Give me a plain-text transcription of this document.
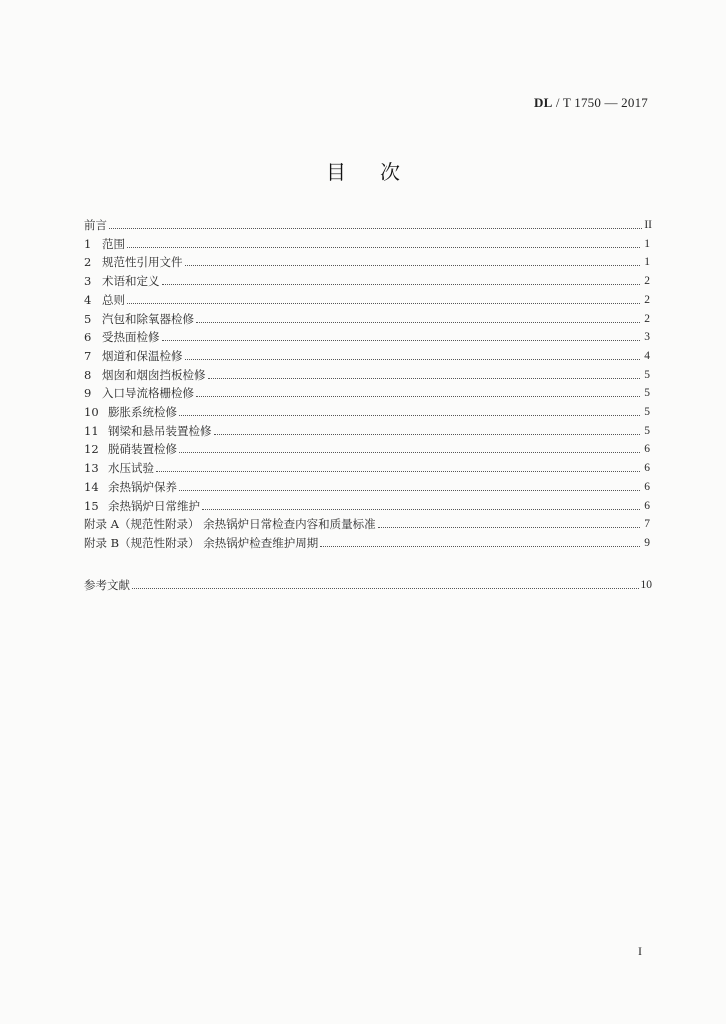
DL / T 1750 — 2017
目次
前言	II
1 范围	1
2 规范性引用文件	1
3 术语和定义	2
4 总则	2
5 汽包和除氧器检修	2
6 受热面检修	3
7 烟道和保温检修	4
8 烟囱和烟囱挡板检修	5
9 入口导流格栅检修	5
10 膨胀系统检修	5
11 钢梁和悬吊装置检修	5
12 脱硝装置检修	6
13 水压试验	6
14 余热锅炉保养	6
15 余热锅炉日常维护	6
附录 A（规范性附录） 余热锅炉日常检查内容和质量标准	7
附录 B（规范性附录） 余热锅炉检查维护周期	9
参考文献	10
I
